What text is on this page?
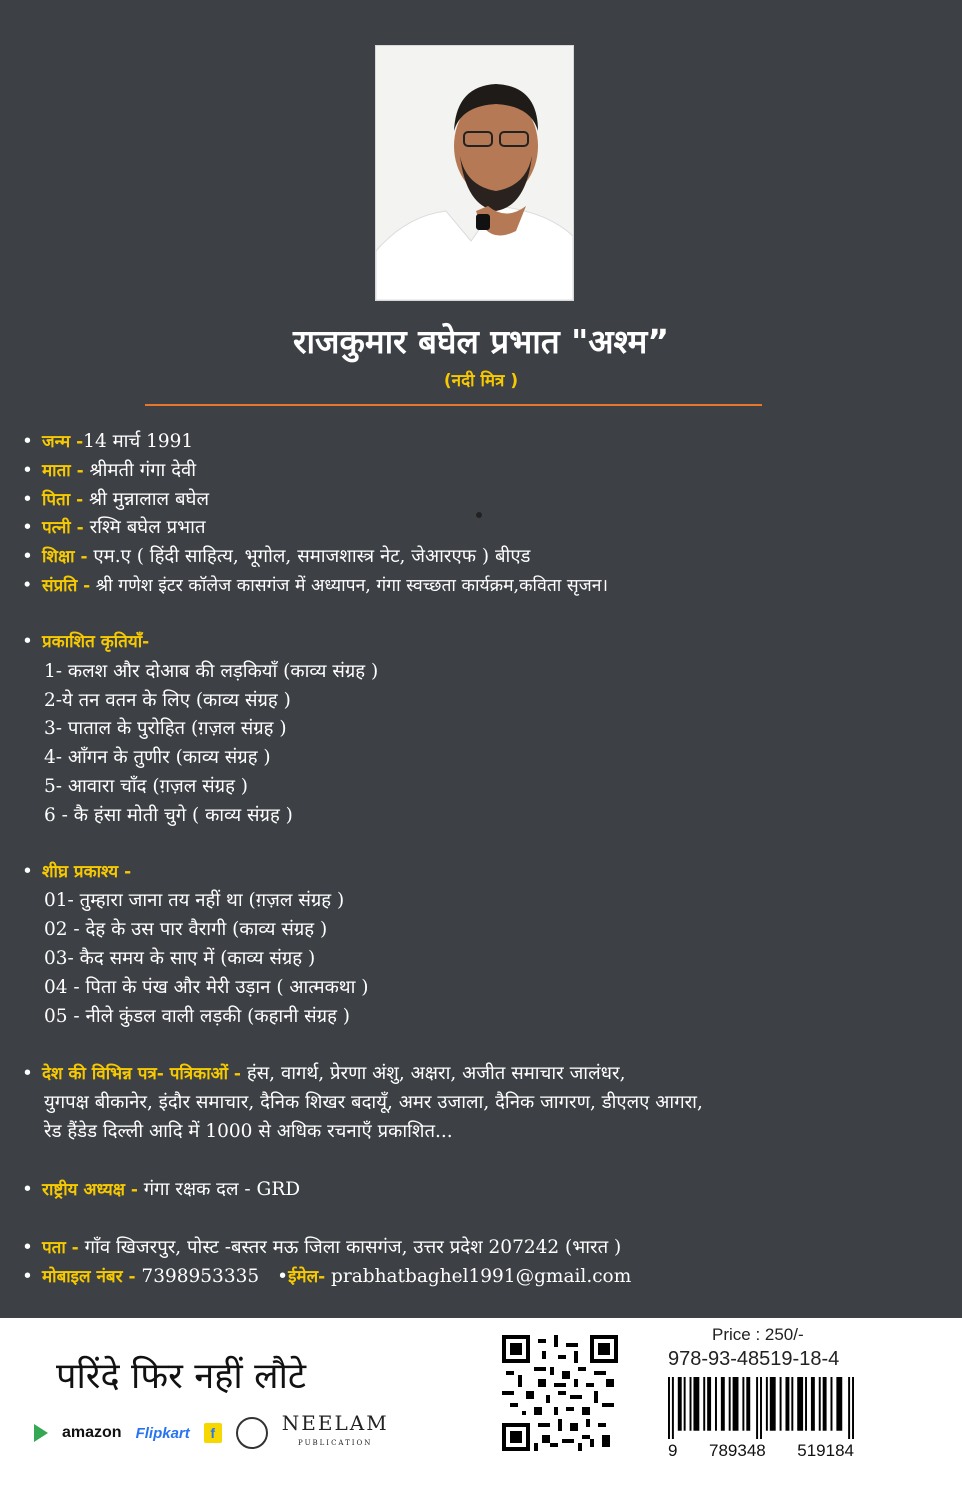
राजकुमार बघेल प्रभात "अश्म”
(नदी मित्र )
• जन्म -14 मार्च 1991
• माता - श्रीमती गंगा देवी
• पिता - श्री मुन्नालाल बघेल
• पत्नी - रश्मि बघेल प्रभात
• शिक्षा - एम.ए ( हिंदी साहित्य, भूगोल, समाजशास्त्र नेट, जेआरएफ ) बीएड
• संप्रति - श्री गणेश इंटर कॉलेज कासगंज में अध्यापन, गंगा स्वच्छता कार्यक्रम,कविता सृजन।
• प्रकाशित कृतियाँ-
1- कलश और दोआब की लड़कियाँ (काव्य संग्रह )
2-ये तन वतन के लिए (काव्य संग्रह )
3- पाताल के पुरोहित (ग़ज़ल संग्रह )
4- आँगन के तुणीर (काव्य संग्रह )
5- आवारा चाँद (ग़ज़ल संग्रह )
6 - कै हंसा मोती चुगे ( काव्य संग्रह )
• शीघ्र प्रकाश्य -
01- तुम्हारा जाना तय नहीं था (ग़ज़ल संग्रह )
02 - देह के उस पार वैरागी (काव्य संग्रह )
03- कैद समय के साए में (काव्य संग्रह )
04 - पिता के पंख और मेरी उड़ान ( आत्मकथा )
05 - नीले कुंडल वाली लड़की (कहानी संग्रह )
• देश की विभिन्न पत्र- पत्रिकाओं - हंस, वागर्थ, प्रेरणा अंशु, अक्षरा, अजीत समाचार जालंधर,
युगपक्ष बीकानेर, इंदौर समाचार, दैनिक शिखर बदायूँ, अमर उजाला, दैनिक जागरण, डीएलए आगरा,
रेड हैंडेड दिल्ली आदि में 1000 से अधिक रचनाएँ प्रकाशित...
• राष्ट्रीय अध्यक्ष - गंगा रक्षक दल - GRD
• पता - गाँव खिजरपुर, पोस्ट -बस्तर मऊ जिला कासगंज, उत्तर प्रदेश 207242 (भारत )
• मोबाइल नंबर - 7398953335 •ईमेल- prabhatbaghel1991@gmail.com
परिंदे फिर नहीं लौटे
amazon Flipkart	f	NEELAM
PUBLICATION
Price : 250/-
978-93-48519-18-4
9 789348 519184
